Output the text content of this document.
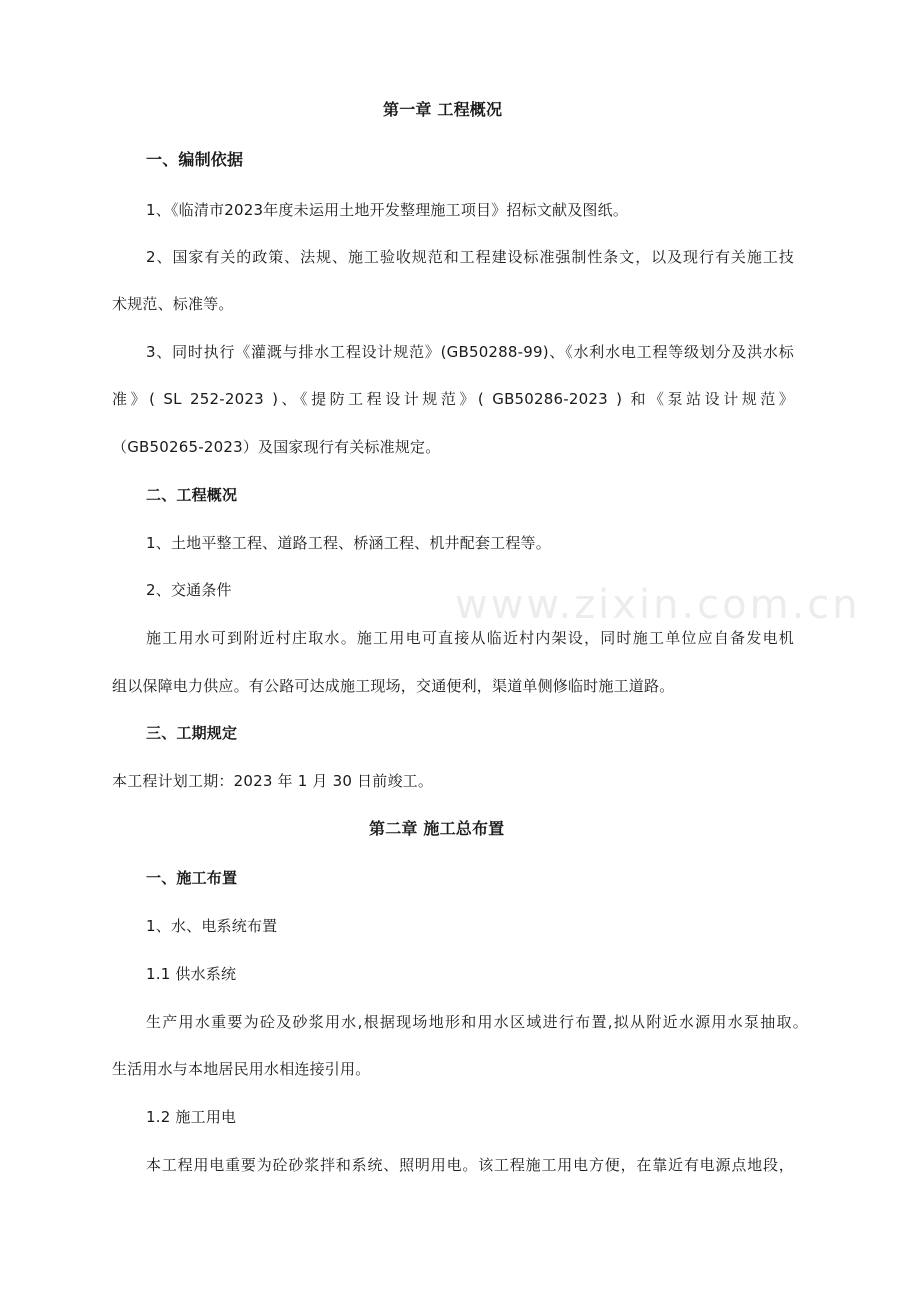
www.zixin.com.cn
第一章 工程概况
一、编制依据
1、《临清市2023年度未运用土地开发整理施工项目》招标文献及图纸。
2、国家有关的政策、法规、施工验收规范和工程建设标准强制性条文，以及现行有关施工技
术规范、标准等。
3、同时执行《灌溉与排水工程设计规范》(GB50288-99)、《水利水电工程等级划分及洪水标
准》( SL 252-2023 )、《提防工程设计规范》( GB50286-2023 ) 和《泵站设计规范》
（GB50265-2023）及国家现行有关标准规定。
二、工程概况
1、土地平整工程、道路工程、桥涵工程、机井配套工程等。
2、交通条件
施工用水可到附近村庄取水。施工用电可直接从临近村内架设，同时施工单位应自备发电机
组以保障电力供应。有公路可达成施工现场，交通便利，渠道单侧修临时施工道路。
三、工期规定
本工程计划工期：2023 年 1 月 30 日前竣工。
第二章 施工总布置
一、施工布置
1、水、电系统布置
1.1 供水系统
生产用水重要为砼及砂浆用水,根据现场地形和用水区域进行布置,拟从附近水源用水泵抽取。
生活用水与本地居民用水相连接引用。
1.2 施工用电
本工程用电重要为砼砂浆拌和系统、照明用电。该工程施工用电方便，在靠近有电源点地段，
